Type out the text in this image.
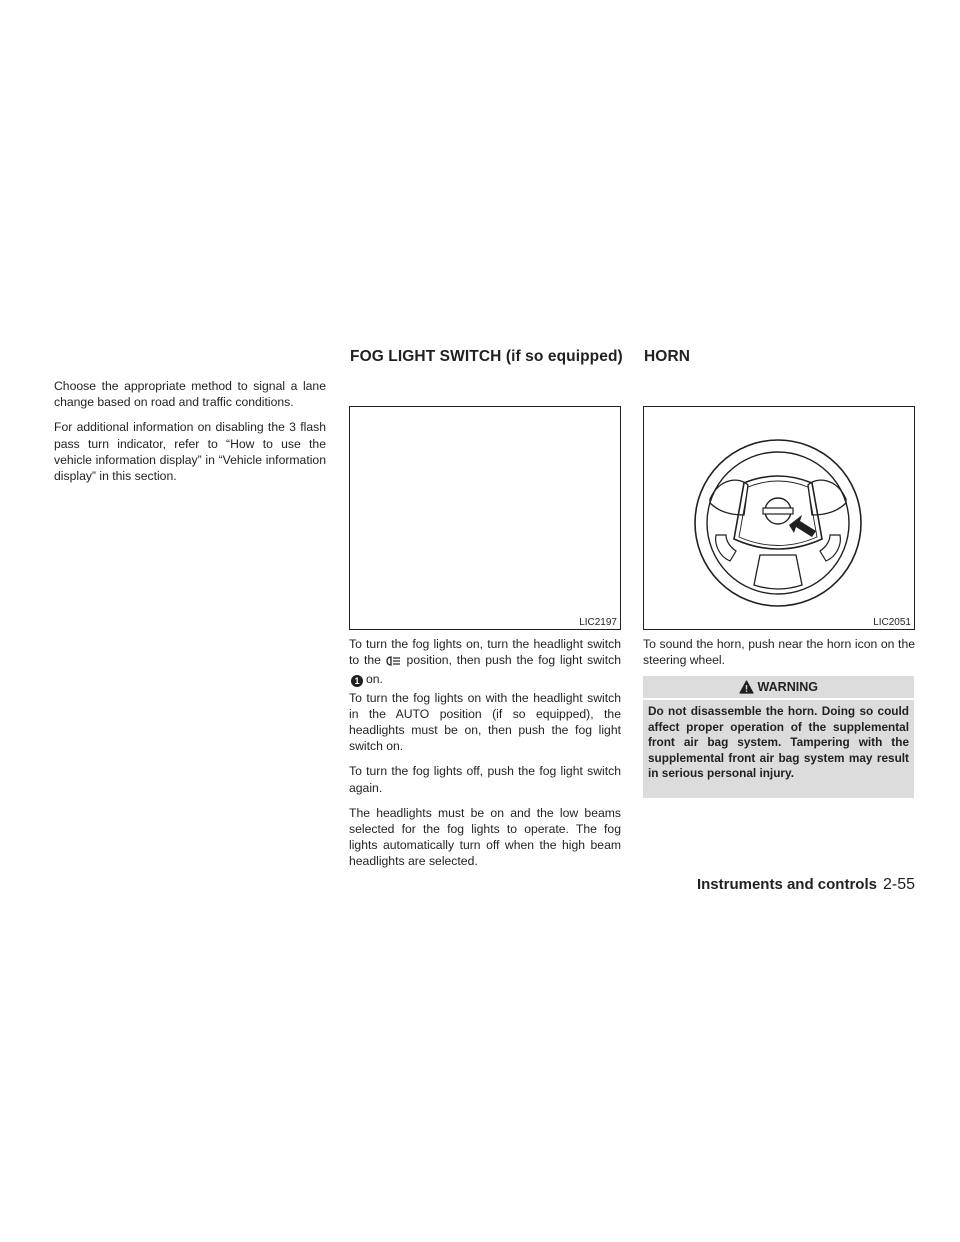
FOG LIGHT SWITCH (if so equipped) HORN

Choose the appropriate method to signal a lane change based on road and traffic conditions.

For additional information on disabling the 3 flash pass turn indicator, refer to “How to use the vehicle information display” in “Vehicle information display” in this section.

LIC2197

To turn the fog lights on, turn the headlight switch to the position, then push the fog light switch 1 on.

To turn the fog lights on with the headlight switch in the AUTO position (if so equipped), the headlights must be on, then push the fog light switch on.

To turn the fog lights off, push the fog light switch again.

The headlights must be on and the low beams selected for the fog lights to operate. The fog lights automatically turn off when the high beam headlights are selected.

LIC2051

To sound the horn, push near the horn icon on the steering wheel.

WARNING
Do not disassemble the horn. Doing so could affect proper operation of the supplemental front air bag system. Tampering with the supplemental front air bag system may result in serious personal injury.
Instruments and controls 2-55
